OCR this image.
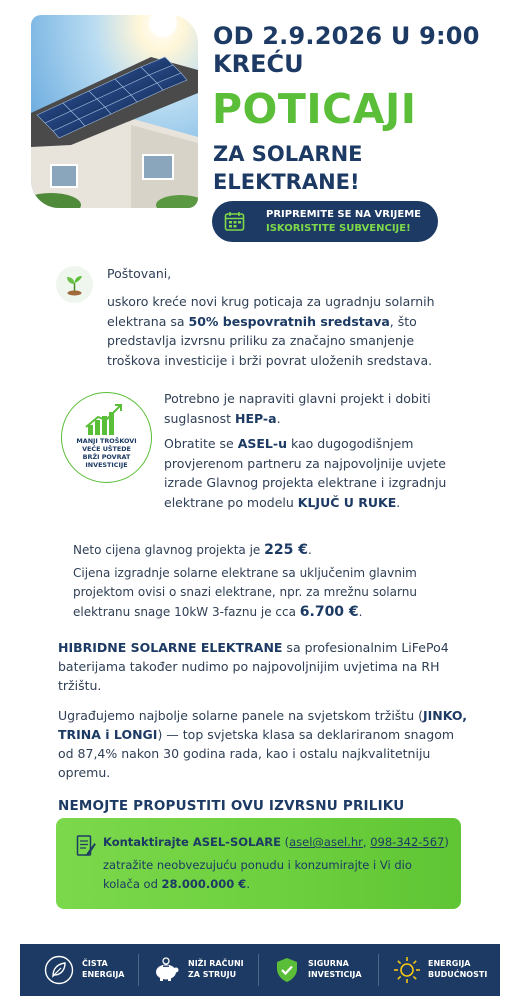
OD 2.9.2026 U 9:00
KREĆU
POTICAJI
ZA SOLARNE
ELEKTRANE!
PRIPREMITE SE NA VRIJEME
ISKORISTITE SUBVENCIJE!
Poštovani,
uskoro kreće novi krug poticaja za ugradnju solarnih elektrana sa 50% bespovratnih sredstava, što predstavlja izvrsnu priliku za značajno smanjenje troškova investicije i brži povrat uloženih sredstava.
MANJI TROŠKOVI
VEĆE UŠTEDE
BRŽI POVRAT
INVESTICIJE
Potrebno je napraviti glavni projekt i dobiti suglasnost HEP-a.
Obratite se ASEL-u kao dugogodišnjem provjerenom partneru za najpovoljnije uvjete izrade Glavnog projekta elektrane i izgradnju elektrane po modelu KLJUČ U RUKE.
Neto cijena glavnog projekta je 225 €.
Cijena izgradnje solarne elektrane sa uključenim glavnim projektom ovisi o snazi elektrane, npr. za mrežnu solarnu
elektranu snage 10kW 3-faznu je cca 6.700 €.
HIBRIDNE SOLARNE ELEKTRANE sa profesionalnim LiFePo4 baterijama također nudimo po najpovoljnijim uvjetima na RH tržištu.
Ugrađujemo najbolje solarne panele na svjetskom tržištu (JINKO, TRINA i LONGI) — top svjetska klasa sa deklariranom snagom od 87,4% nakon 30 godina rada, kao i ostalu najkvalitetniju opremu.
NEMOJTE PROPUSTITI OVU IZVRSNU PRILIKU
Kontaktirajte ASEL-SOLARE (asel@asel.hr, 098-342-567)
zatražite neobvezujuću ponudu i konzumirajte i Vi dio
kolača od 28.000.000 €.
ČISTA
ENERGIJA
NIŽI RAČUNI
ZA STRUJU
SIGURNA
INVESTICIJA
ENERGIJA
BUDUĆNOSTI
